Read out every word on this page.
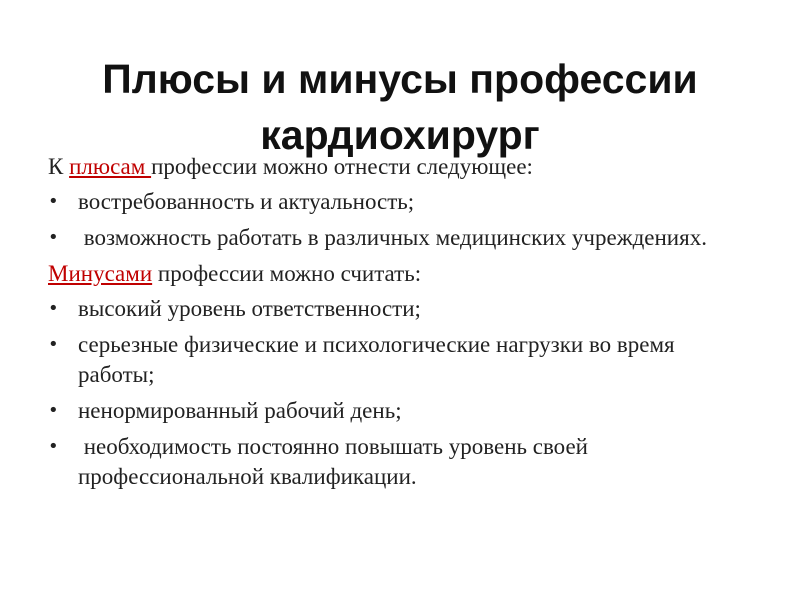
Плюсы и минусы профессии
кардиохирург

К плюсам профессии можно отнести следующее:

• востребованность и актуальность;
• возможность работать в различных медицинских учреждениях.

Минусами профессии можно считать:

• высокий уровень ответственности;
• серьезные физические и психологические нагрузки во время работы;
• ненормированный рабочий день;
• необходимость постоянно повышать уровень своей профессиональной квалификации.
